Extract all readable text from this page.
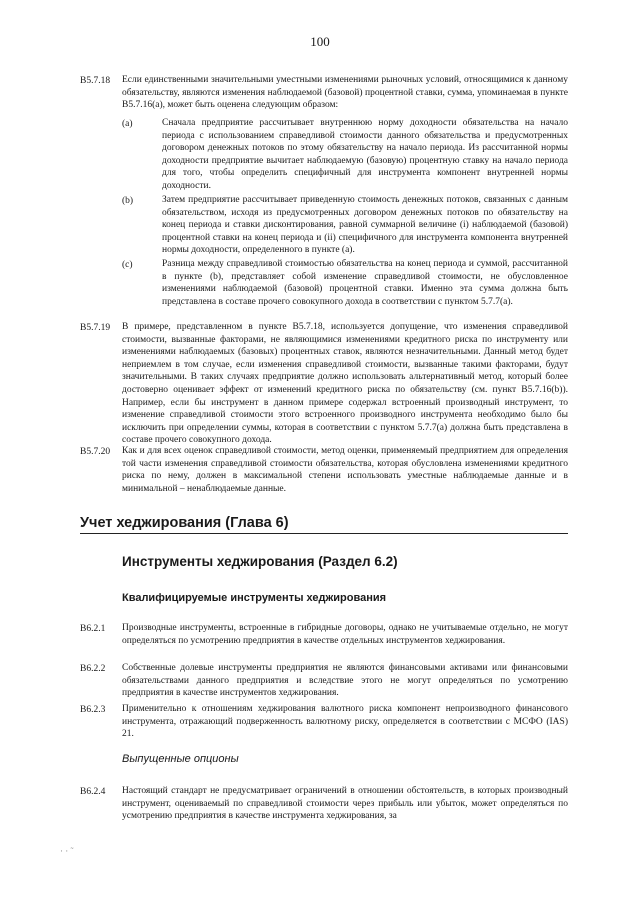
100
B5.7.18 Если единственными значительными уместными изменениями рыночных условий, относящимися к данному обязательству, являются изменения наблюдаемой (базовой) процентной ставки, сумма, упоминаемая в пункте B5.7.16(а), может быть оценена следующим образом:
(a)	Сначала предприятие рассчитывает внутреннюю норму доходности обязательства на начало периода с использованием справедливой стоимости данного обязательства и предусмотренных договором денежных потоков по этому обязательству на начало периода. Из рассчитанной нормы доходности предприятие вычитает наблюдаемую (базовую) процентную ставку на начало периода для того, чтобы определить специфичный для инструмента компонент внутренней нормы доходности.
(b)	Затем предприятие рассчитывает приведенную стоимость денежных потоков, связанных с данным обязательством, исходя из предусмотренных договором денежных потоков по обязательству на конец периода и ставки дисконтирования, равной суммарной величине (i) наблюдаемой (базовой) процентной ставки на конец периода и (ii) специфичного для инструмента компонента внутренней нормы доходности, определенного в пункте (a).
(c)	Разница между справедливой стоимостью обязательства на конец периода и суммой, рассчитанной в пункте (b), представляет собой изменение справедливой стоимости, не обусловленное изменениями наблюдаемой (базовой) процентной ставки. Именно эта сумма должна быть представлена в составе прочего совокупного дохода в соответствии с пунктом 5.7.7(a).
B5.7.19 В примере, представленном в пункте B5.7.18, используется допущение, что изменения справедливой стоимости, вызванные факторами, не являющимися изменениями кредитного риска по инструменту или изменениями наблюдаемых (базовых) процентных ставок, являются незначительными. Данный метод будет неприемлем в том случае, если изменения справедливой стоимости, вызванные такими факторами, будут значительными. В таких случаях предприятие должно использовать альтернативный метод, который более достоверно оценивает эффект от изменений кредитного риска по обязательству (см. пункт B5.7.16(b)). Например, если бы инструмент в данном примере содержал встроенный производный инструмент, то изменение справедливой стоимости этого встроенного производного инструмента необходимо было бы исключить при определении суммы, которая в соответствии с пунктом 5.7.7(a) должна быть представлена в составе прочего совокупного дохода.
B5.7.20 Как и для всех оценок справедливой стоимости, метод оценки, применяемый предприятием для определения той части изменения справедливой стоимости обязательства, которая обусловлена изменениями кредитного риска по нему, должен в максимальной степени использовать уместные наблюдаемые данные и в минимальной – ненаблюдаемые данные.
Учет хеджирования (Глава 6)
Инструменты хеджирования (Раздел 6.2)
Квалифицируемые инструменты хеджирования
B6.2.1 Производные инструменты, встроенные в гибридные договоры, однако не учитываемые отдельно, не могут определяться по усмотрению предприятия в качестве отдельных инструментов хеджирования.
B6.2.2 Собственные долевые инструменты предприятия не являются финансовыми активами или финансовыми обязательствами данного предприятия и вследствие этого не могут определяться по усмотрению предприятия в качестве инструментов хеджирования.
B6.2.3 Применительно к отношениям хеджирования валютного риска компонент непроизводного финансового инструмента, отражающий подверженность валютному риску, определяется в соответствии с МСФО (IAS) 21.
Выпущенные опционы
B6.2.4 Настоящий стандарт не предусматривает ограничений в отношении обстоятельств, в которых производный инструмент, оцениваемый по справедливой стоимости через прибыль или убыток, может определяться по усмотрению предприятия в качестве инструмента хеджирования, за
· · ˜
